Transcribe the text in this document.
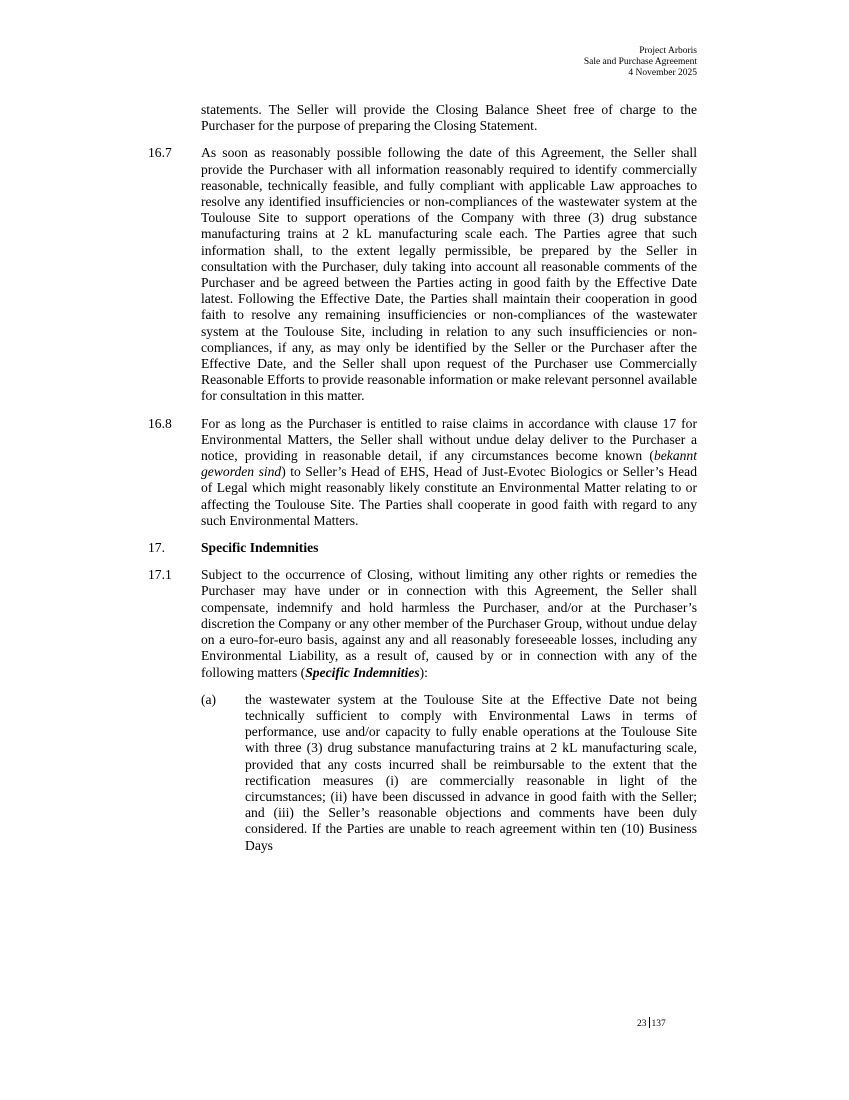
Project Arboris
Sale and Purchase Agreement
4 November 2025
statements. The Seller will provide the Closing Balance Sheet free of charge to the Purchaser for the purpose of preparing the Closing Statement.
16.7 As soon as reasonably possible following the date of this Agreement, the Seller shall provide the Purchaser with all information reasonably required to identify commercially reasonable, technically feasible, and fully compliant with applicable Law approaches to resolve any identified insufficiencies or non-compliances of the wastewater system at the Toulouse Site to support operations of the Company with three (3) drug substance manufacturing trains at 2 kL manufacturing scale each. The Parties agree that such information shall, to the extent legally permissible, be prepared by the Seller in consultation with the Purchaser, duly taking into account all reasonable comments of the Purchaser and be agreed between the Parties acting in good faith by the Effective Date latest. Following the Effective Date, the Parties shall maintain their cooperation in good faith to resolve any remaining insufficiencies or non-compliances of the wastewater system at the Toulouse Site, including in relation to any such insufficiencies or non-compliances, if any, as may only be identified by the Seller or the Purchaser after the Effective Date, and the Seller shall upon request of the Purchaser use Commercially Reasonable Efforts to provide reasonable information or make relevant personnel available for consultation in this matter.
16.8 For as long as the Purchaser is entitled to raise claims in accordance with clause 17 for Environmental Matters, the Seller shall without undue delay deliver to the Purchaser a notice, providing in reasonable detail, if any circumstances become known (bekannt geworden sind) to Seller’s Head of EHS, Head of Just-Evotec Biologics or Seller’s Head of Legal which might reasonably likely constitute an Environmental Matter relating to or affecting the Toulouse Site. The Parties shall cooperate in good faith with regard to any such Environmental Matters.
17.	Specific Indemnities
17.1 Subject to the occurrence of Closing, without limiting any other rights or remedies the Purchaser may have under or in connection with this Agreement, the Seller shall compensate, indemnify and hold harmless the Purchaser, and/or at the Purchaser’s discretion the Company or any other member of the Purchaser Group, without undue delay on a euro-for-euro basis, against any and all reasonably foreseeable losses, including any Environmental Liability, as a result of, caused by or in connection with any of the following matters (Specific Indemnities):
(a) the wastewater system at the Toulouse Site at the Effective Date not being technically sufficient to comply with Environmental Laws in terms of performance, use and/or capacity to fully enable operations at the Toulouse Site with three (3) drug substance manufacturing trains at 2 kL manufacturing scale, provided that any costs incurred shall be reimbursable to the extent that the rectification measures (i) are commercially reasonable in light of the circumstances; (ii) have been discussed in advance in good faith with the Seller; and (iii) the Seller’s reasonable objections and comments have been duly considered. If the Parties are unable to reach agreement within ten (10) Business Days
23 137
